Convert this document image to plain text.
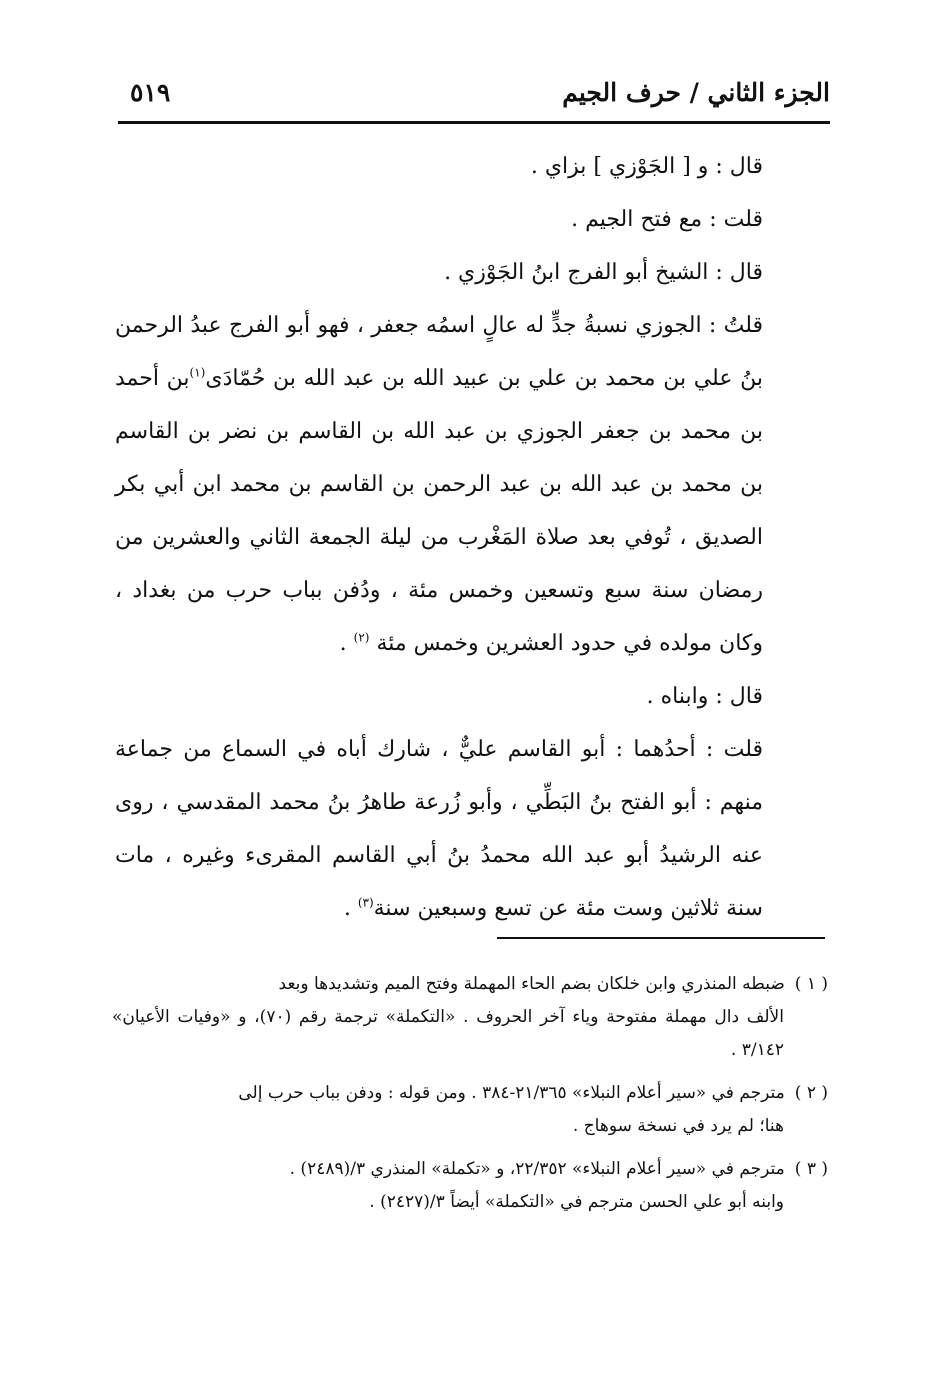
الجزء الثاني / حرف الجيم
٥١٩

قال : و [ الجَوْزي ] بزاي .

قلت : مع فتح الجيم .

قال : الشيخ أبو الفرج ابنُ الجَوْزي .

قلتُ : الجوزي نسبةُ جدٍّ له عالٍ اسمُه جعفر ، فهو أبو الفرج عبدُ الرحمن بنُ علي بن محمد بن علي بن عبيد الله بن عبد الله بن حُمّادَى$^{(١)}$بن أحمد بن محمد بن جعفر الجوزي بن عبد الله بن القاسم بن نضر بن القاسم بن محمد بن عبد الله بن عبد الرحمن بن القاسم بن محمد ابن أبي بكر الصديق ، تُوفي بعد صلاة المَغْرب من ليلة الجمعة الثاني والعشرين من رمضان سنة سبع وتسعين وخمس مئة ، ودُفن بباب حرب من بغداد ، وكان مولده في حدود العشرين وخمس مئة $^{(٢)}$ .

قال : وابناه .

قلت : أحدُهما : أبو القاسم عليٌّ ، شارك أباه في السماع من جماعة منهم : أبو الفتح بنُ البَطِّي ، وأبو زُرعة طاهرُ بنُ محمد المقدسي ، روى عنه الرشيدُ أبو عبد الله محمدُ بنُ أبي القاسم المقرىء وغيره ، مات سنة ثلاثين وست مئة عن تسع وسبعين سنة$^{(٣)}$ .

( ١ )ضبطه المنذري وابن خلكان بضم الحاء المهملة وفتح الميم وتشديدها وبعد
الألف دال مهملة مفتوحة وياء آخر الحروف . «التكملة» ترجمة رقم (٧٠)، و «وفيات الأعيان» ٣/١٤٢ .
( ٢ )مترجم في «سير أعلام النبلاء» ٢١/٣٦٥-٣٨٤ . ومن قوله : ودفن بباب حرب إلى
هنا؛ لم يرد في نسخة سوهاج .
( ٣ )مترجم في «سير أعلام النبلاء» ٢٢/٣٥٢، و «تكملة» المنذري ٣/(٢٤٨٩) .
وابنه أبو علي الحسن مترجم في «التكملة» أيضاً ٣/(٢٤٢٧) .
